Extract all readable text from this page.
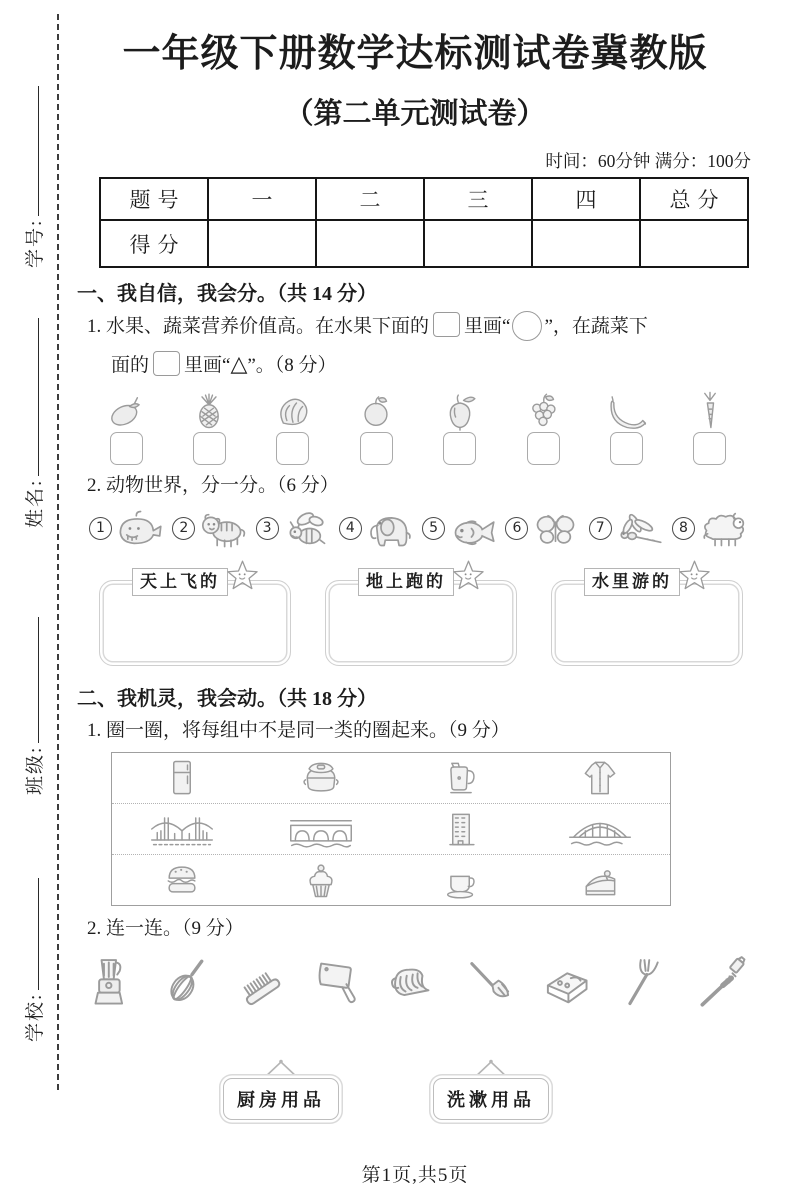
学号:
姓名:
班级:
学校:
一年级下册数学达标测试卷冀教版
（第二单元测试卷）
时间：60分钟 满分：100分
题号	一	二	三	四	总分
得分					
一、我自信，我会分。（共 14 分）

1. 水果、蔬菜营养价值高。在水果下面的 里画“ ”，在蔬菜下

面的 里画“△”。（8 分）

2. 动物世界，分一分。（6 分）

1	2	3	4	5	6	7	8
天上飞的	地上跑的	水里游的
二、我机灵，我会动。（共 18 分）

1. 圈一圈，将每组中不是同一类的圈起来。（9 分）

2. 连一连。（9 分）

厨房用品	洗漱用品
第1页,共5页
